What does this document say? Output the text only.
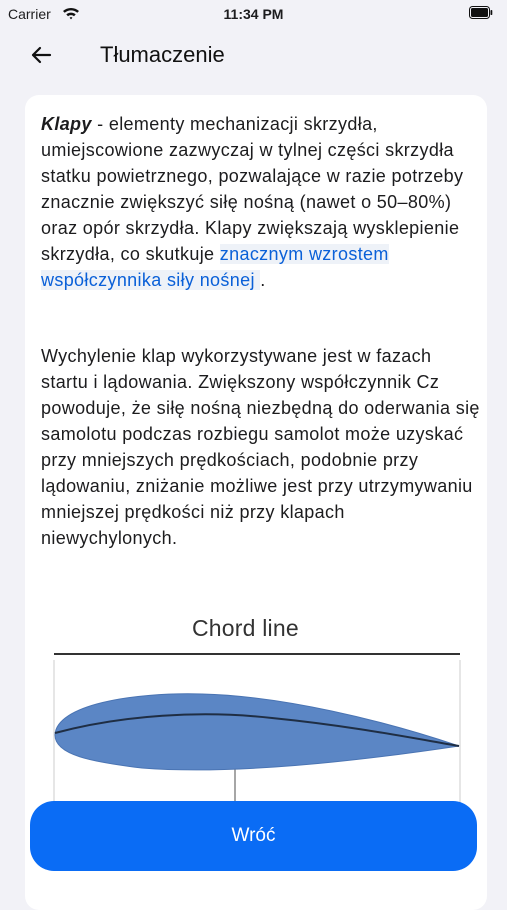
Carrier	11:34 PM
Tłumaczenie

Klapy - elementy mechanizacji skrzydła, umiejscowione zazwyczaj w tylnej części skrzydła statku powietrznego, pozwalające w razie potrzeby znacznie zwiększyć siłę nośną (nawet o 50–80%) oraz opór skrzydła. Klapy zwiększają wysklepienie skrzydła, co skutkuje znacznym wzrostem współczynnika siły nośnej .

Wychylenie klap wykorzystywane jest w fazach startu i lądowania. Zwiększony współczynnik Cz powoduje, że siłę nośną niezbędną do oderwania się samolotu podczas rozbiegu samolot może uzyskać przy mniejszych prędkościach, podobnie przy lądowaniu, zniżanie możliwe jest przy utrzymywaniu mniejszej prędkości niż przy klapach niewychylonych.

Chord line
Wróć
